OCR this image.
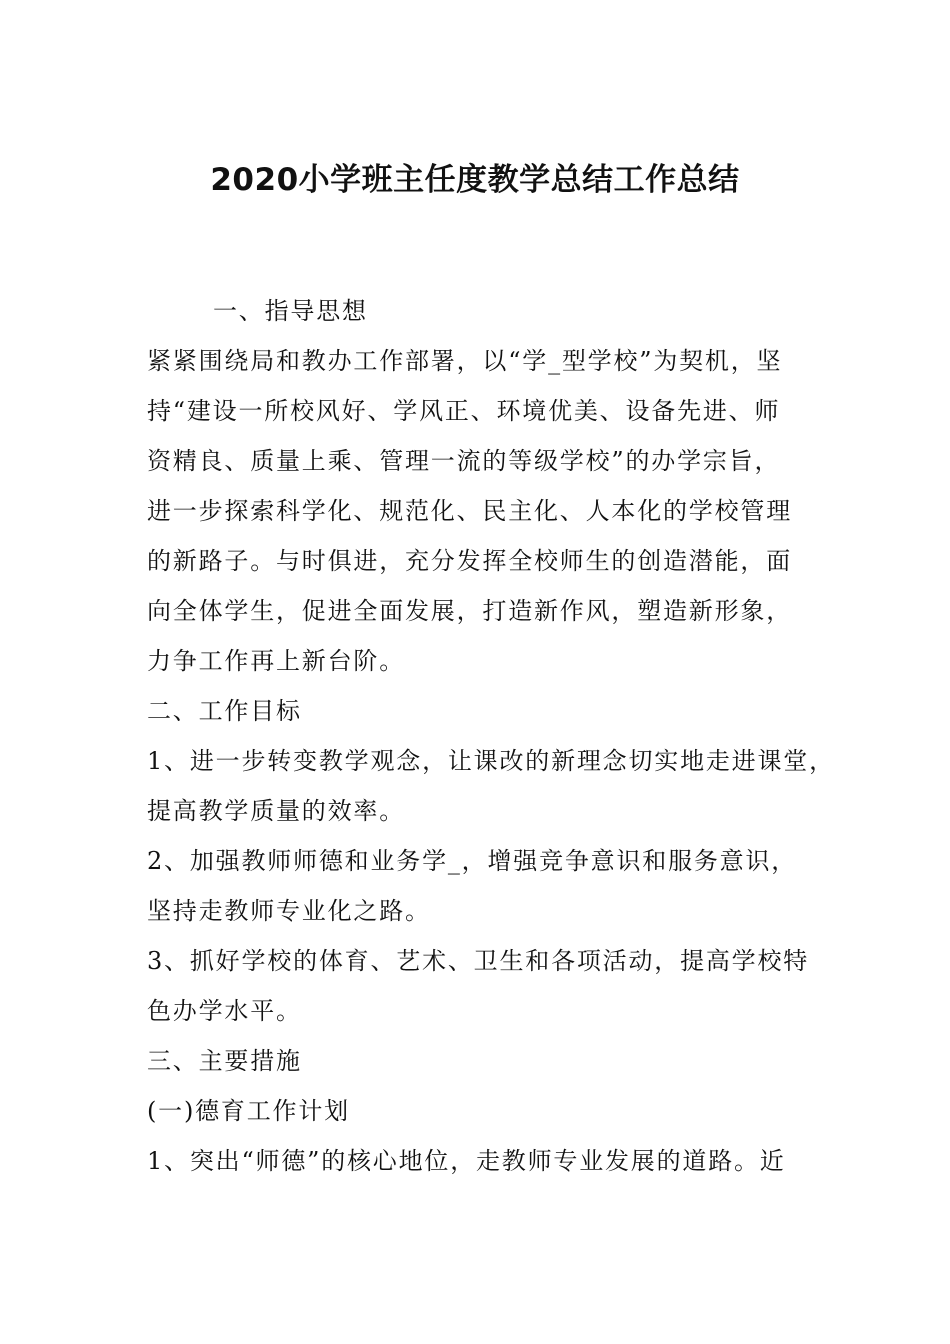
2020小学班主任度教学总结工作总结
一、指导思想
紧紧围绕局和教办工作部署，以“学_型学校”为契机，坚
持“建设一所校风好、学风正、环境优美、设备先进、师
资精良、质量上乘、管理一流的等级学校”的办学宗旨，
进一步探索科学化、规范化、民主化、人本化的学校管理
的新路子。与时俱进，充分发挥全校师生的创造潜能，面
向全体学生，促进全面发展，打造新作风，塑造新形象，
力争工作再上新台阶。
二、工作目标
1、进一步转变教学观念，让课改的新理念切实地走进课堂，
提高教学质量的效率。
2、加强教师师德和业务学_，增强竞争意识和服务意识，
坚持走教师专业化之路。
3、抓好学校的体育、艺术、卫生和各项活动，提高学校特
色办学水平。
三、主要措施
(一)德育工作计划
1、突出“师德”的核心地位，走教师专业发展的道路。近
